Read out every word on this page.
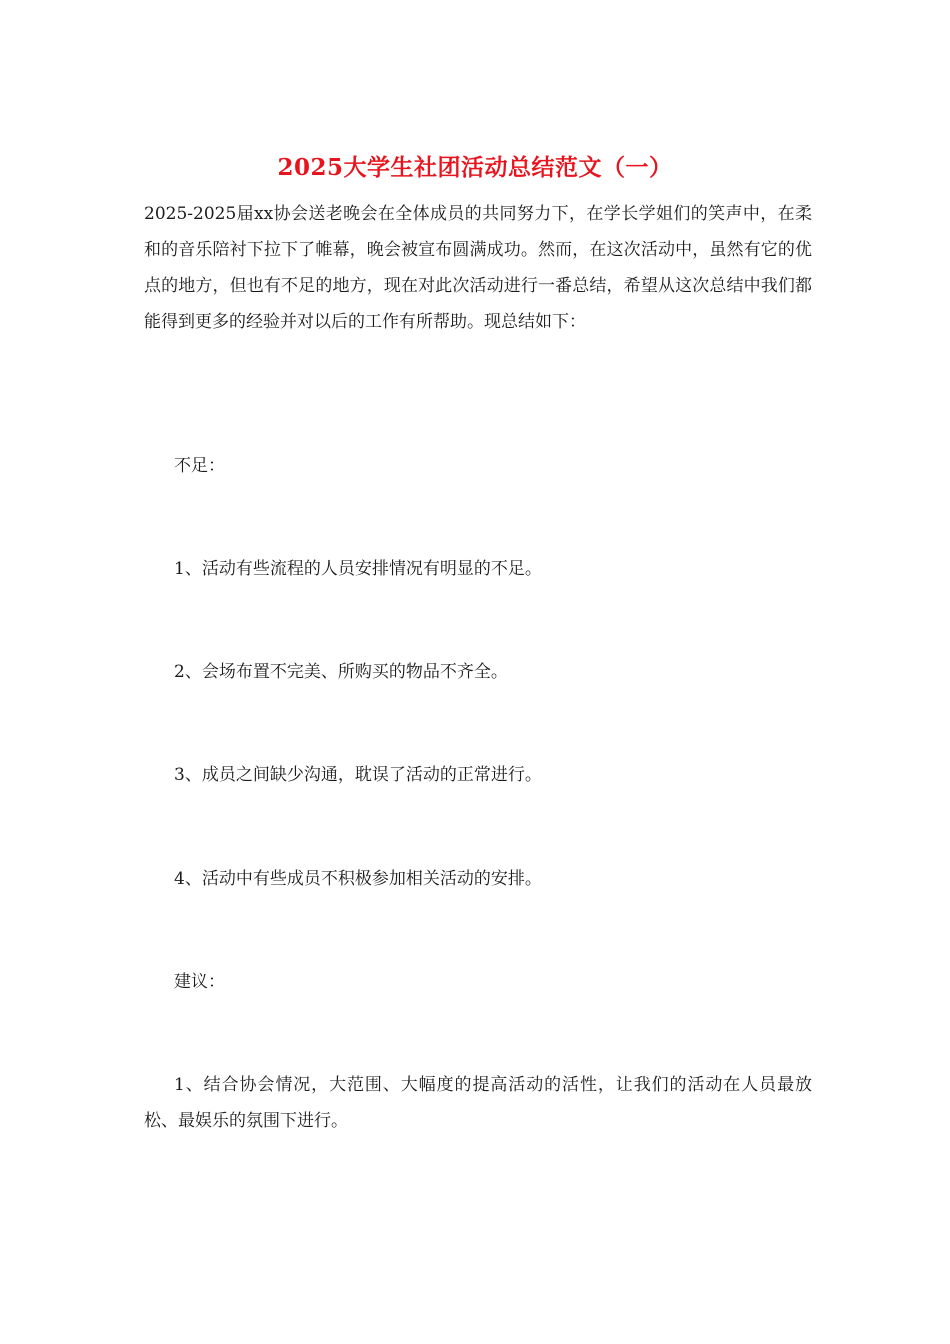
2025大学生社团活动总结范文（一）
2025-2025届xx协会送老晚会在全体成员的共同努力下，在学长学姐们的笑声中，在柔和的音乐陪衬下拉下了帷幕，晚会被宣布圆满成功。然而，在这次活动中，虽然有它的优点的地方，但也有不足的地方，现在对此次活动进行一番总结，希望从这次总结中我们都能得到更多的经验并对以后的工作有所帮助。现总结如下：
不足：
1、活动有些流程的人员安排情况有明显的不足。
2、会场布置不完美、所购买的物品不齐全。
3、成员之间缺少沟通，耽误了活动的正常进行。
4、活动中有些成员不积极参加相关活动的安排。
建议：
1、结合协会情况，大范围、大幅度的提高活动的活性，让我们的活动在人员最放松、最娱乐的氛围下进行。
